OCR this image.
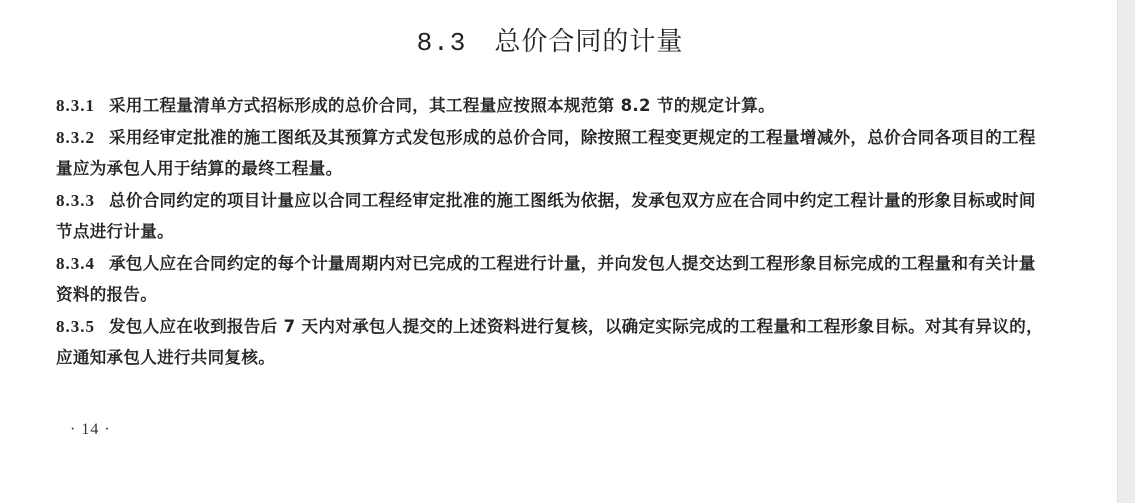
8.3 总价合同的计量

8.3.1 采用工程量清单方式招标形成的总价合同，其工程量应按照本规范第 8.2 节的规定计算。

8.3.2 采用经审定批准的施工图纸及其预算方式发包形成的总价合同，除按照工程变更规定的工程量增减外，总价合同各项目的工程量应为承包人用于结算的最终工程量。

8.3.3 总价合同约定的项目计量应以合同工程经审定批准的施工图纸为依据，发承包双方应在合同中约定工程计量的形象目标或时间节点进行计量。

8.3.4 承包人应在合同约定的每个计量周期内对已完成的工程进行计量，并向发包人提交达到工程形象目标完成的工程量和有关计量资料的报告。

8.3.5 发包人应在收到报告后 7 天内对承包人提交的上述资料进行复核，以确定实际完成的工程量和工程形象目标。对其有异议的，应通知承包人进行共同复核。

· 14 ·
